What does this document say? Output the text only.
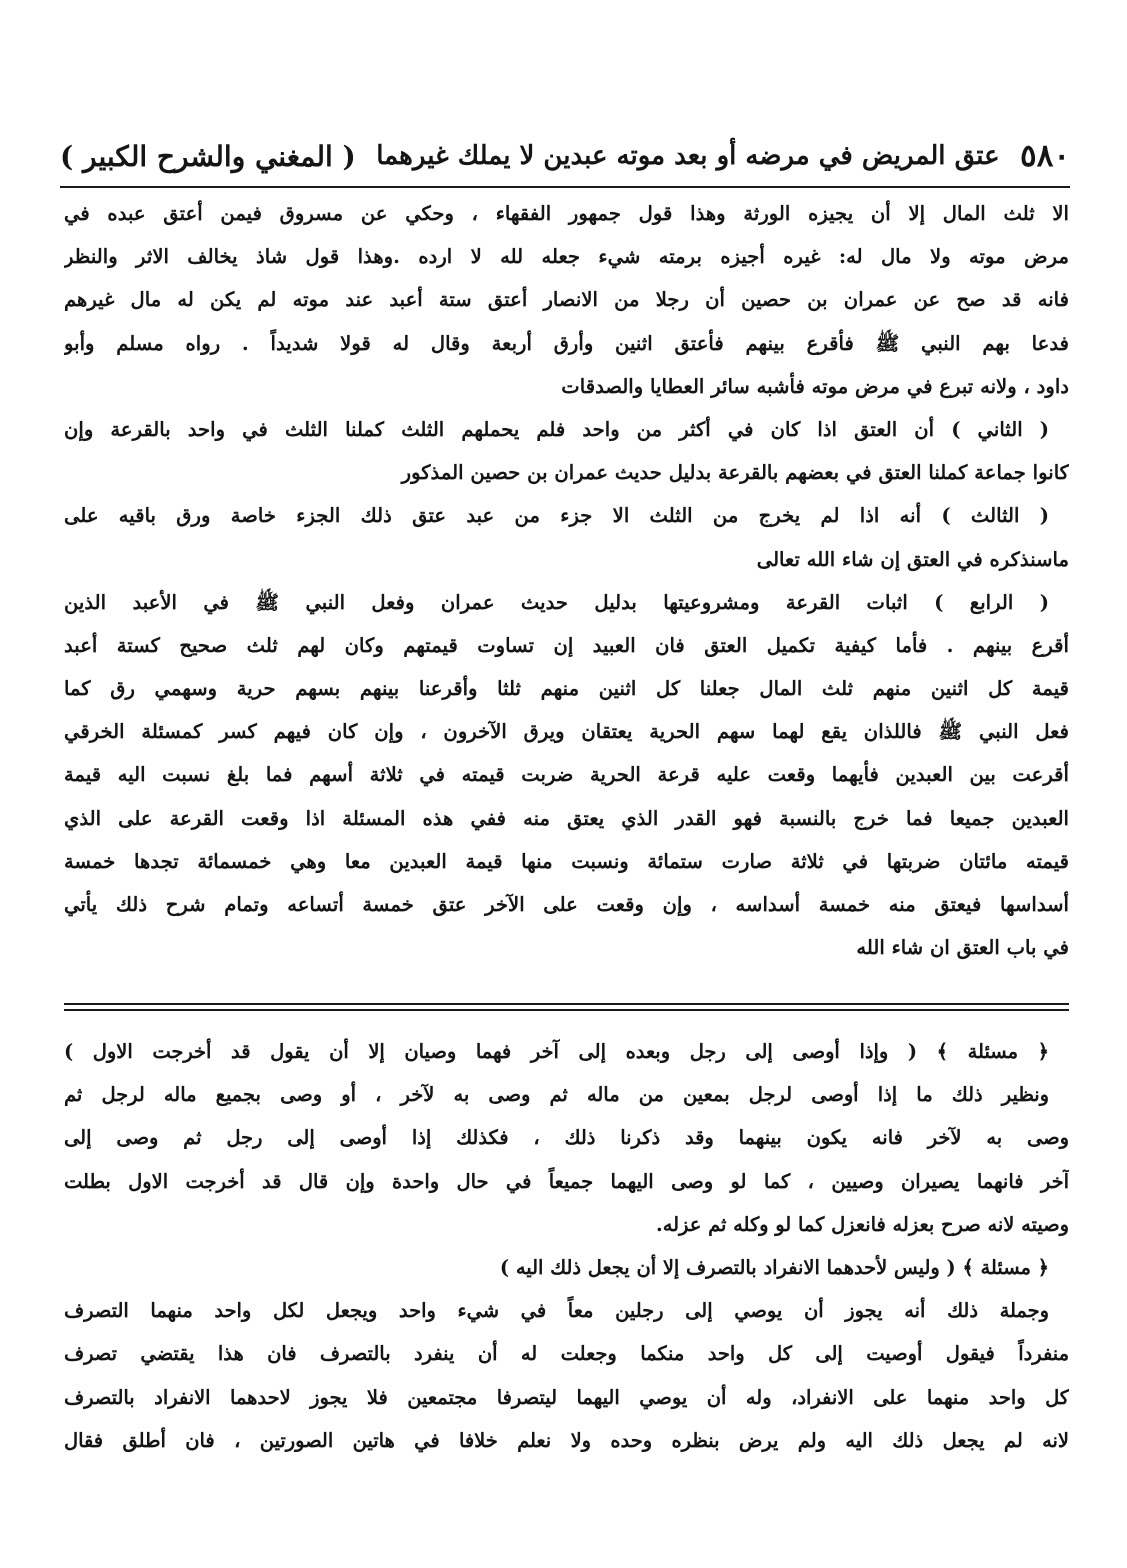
٥٨٠
عتق المريض في مرضه أو بعد موته عبدين لا يملك غيرهما
( المغني والشرح الكبير )
الا ثلث المال إلا أن يجيزه الورثة وهذا قول جمهور الفقهاء ، وحكي عن مسروق فيمن أعتق عبده في
مرض موته ولا مال له: غيره أجيزه برمته شيء جعله لله لا ارده .وهذا قول شاذ يخالف الاثر والنظر
فانه قد صح عن عمران بن حصين أن رجلا من الانصار أعتق ستة أعبد عند موته لم يكن له مال غيرهم
فدعا بهم النبي ﷺ فأقرع بينهم فأعتق اثنين وأرق أربعة وقال له قولا شديداً . رواه مسلم وأبو
داود ، ولانه تبرع في مرض موته فأشبه سائر العطايا والصدقات
( الثاني ) أن العتق اذا كان في أكثر من واحد فلم يحملهم الثلث كملنا الثلث في واحد بالقرعة وإن
كانوا جماعة كملنا العتق في بعضهم بالقرعة بدليل حديث عمران بن حصين المذكور
( الثالث ) أنه اذا لم يخرج من الثلث الا جزء من عبد عتق ذلك الجزء خاصة ورق باقيه على
ماسنذكره في العتق إن شاء الله تعالى
( الرابع ) اثبات القرعة ومشروعيتها بدليل حديث عمران وفعل النبي ﷺ في الأعبد الذين
أقرع بينهم . فأما كيفية تكميل العتق فان العبيد إن تساوت قيمتهم وكان لهم ثلث صحيح كستة أعبد
قيمة كل اثنين منهم ثلث المال جعلنا كل اثنين منهم ثلثا وأقرعنا بينهم بسهم حرية وسهمي رق كما
فعل النبي ﷺ فاللذان يقع لهما سهم الحرية يعتقان ويرق الآخرون ، وإن كان فيهم كسر كمسئلة الخرقي
أقرعت بين العبدين فأيهما وقعت عليه قرعة الحرية ضربت قيمته في ثلاثة أسهم فما بلغ نسبت اليه قيمة
العبدين جميعا فما خرج بالنسبة فهو القدر الذي يعتق منه ففي هذه المسئلة اذا وقعت القرعة على الذي
قيمته مائتان ضربتها في ثلاثة صارت ستمائة ونسبت منها قيمة العبدين معا وهي خمسمائة تجدها خمسة
أسداسها فيعتق منه خمسة أسداسه ، وإن وقعت على الآخر عتق خمسة أتساعه وتمام شرح ذلك يأتي
في باب العتق ان شاء الله
﴿ مسئلة ﴾ ( وإذا أوصى إلى رجل وبعده إلى آخر فهما وصيان إلا أن يقول قد أخرجت الاول )
ونظير ذلك ما إذا أوصى لرجل بمعين من ماله ثم وصى به لآخر ، أو وصى بجميع ماله لرجل ثم
وصى به لآخر فانه يكون بينهما وقد ذكرنا ذلك ، فكذلك إذا أوصى إلى رجل ثم وصى إلى
آخر فانهما يصيران وصيين ، كما لو وصى اليهما جميعاً في حال واحدة وإن قال قد أخرجت الاول بطلت
وصيته لانه صرح بعزله فانعزل كما لو وكله ثم عزله.
﴿ مسئلة ﴾ ( وليس لأحدهما الانفراد بالتصرف إلا أن يجعل ذلك اليه )
وجملة ذلك أنه يجوز أن يوصي إلى رجلين معاً في شيء واحد ويجعل لكل واحد منهما التصرف
منفرداً فيقول أوصيت إلى كل واحد منكما وجعلت له أن ينفرد بالتصرف فان هذا يقتضي تصرف
كل واحد منهما على الانفراد، وله أن يوصي اليهما ليتصرفا مجتمعين فلا يجوز لاحدهما الانفراد بالتصرف
لانه لم يجعل ذلك اليه ولم يرض بنظره وحده ولا نعلم خلافا في هاتين الصورتين ، فان أطلق فقال
